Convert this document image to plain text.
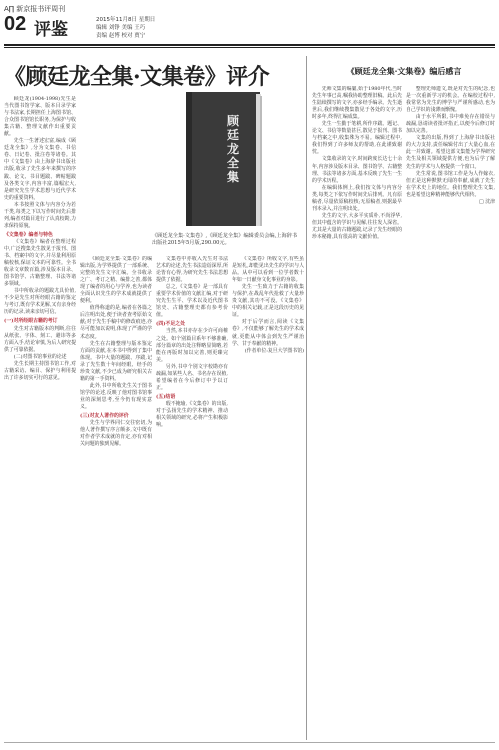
A∏ 新京报书评周刊
02 评鉴	2015年11月8日 星期日
编辑 刘铮 美编 王巧
责编 赵博 校对 贾宁
《顾廷龙全集·文集卷》评介

顾廷龙(1904-1998)先生是当代图书馆学家、版本目录学家与书法家,长期担任上海图书馆、合众图书馆馆长职务,为保护与收集古籍、整理文献作出重要贡献。

先生一生著述宏富,编成《顾廷龙全集》,分为文集卷、书信卷、日记卷、批注卷等诸卷。其中《文集卷》由上海辞书出版社出版,收录了先生多年来撰写的序跋、论文、书目题跋、碑帖题跋及各类文字,内容丰富,篇幅宏大,是研究先生学术思想与近代学术史的重要资料。

本书按照文体与内容分为若干类,每类之下以写作时间先后排列,编者对篇目进行了认真校勘,力求保持原貌。

《文集卷》编者与特色

《文集卷》编者在整理过程中,广泛搜集先生散见于报刊、图书、档案中的文字,并尽量利用原稿校核,保证文本的可靠性。全书收录文章数百篇,涉及版本目录、图书馆学、古籍整理、书法等诸多领域。

书中所收录的题跋尤具价值,不少是先生对所经眼古籍的鉴定与考订,既有学术见解,又有亲身经历的记录,读来亲切可信。

(一)对所经眼古籍的考订

先生对古籍版本的判断,往往从纸张、字体、刻工、避讳等多方面入手,结论审慎,为后人研究提供了可靠依据。

(二)对图书馆事业的论述

先生长期主持图书馆工作,对古籍采访、编目、保护与利用提出了许多切实可行的意见。

顾廷龙全集
《顾廷龙全集·文集卷》,《顾廷龙全集》编辑委员会编,上海辞书出版社2015年5月版,290.00元。

《顾廷龙全集·文集卷》的编辑出版,为学界提供了一部系统、完整的先生文字汇编。全书收录之广、考订之精、编排之善,都体现了编者的用心与学养,也为读者全面认识先生的学术成就提供了便利。

值得称道的是,编者在各篇之后注明出处,便于读者查考原始文献;对于先生手稿中的修改痕迹,亦尽可能加以说明,体现了严谨的学术态度。

先生在古籍整理与版本鉴定方面的贡献,在本书中得到了集中体现。书中大量的题跋、序跋,记录了先生数十年间经眼、经手的珍贵文献,不少已成为研究相关古籍的第一手资料。

此外,书中所收先生关于图书馆学的论述,反映了他对图书馆事业的深刻思考,至今仍有现实意义。

(三)对友人著作的评价

先生与学界同仁交往密切,为他人著作撰写序言颇多,文中既有对作者学术成就的肯定,亦有对相关问题的独到见解。

文集卷中亦收入先生对书法艺术的论述,先生书法造诣深厚,所论皆有心得,为研究先生书法思想提供了依据。

总之,《文集卷》是一部具有重要学术价值的文献汇编,对于研究先生生平、学术以及近代图书馆史、古籍整理史都有参考价值。

(四)不足之处

当然,本书亦存在少许可商榷之处。如个别篇目系年不够准确,部分篇章的出处注释略显简略,若能在再版时加以完善,则更臻完美。

另外,书中个别文字校勘亦有疏漏,如某些人名、书名存在误植,希望编者在今后修订中予以订正。

(五)结语

瑕不掩瑜,《文集卷》的出版,对于弘扬先生的学术精神、推动相关领域的研究,必将产生积极影响。

《文集卷》所收文字,有些虽是短札,却能见出先生的学识与人品。从中可以看到一位学者数十年如一日献身文化事业的身影。

先生一生致力于古籍的收集与保护,在战乱年代抢救了大量珍贵文献,其功不可没。《文集卷》中的相关记载,正是这段历史的见证。

对于后学而言,阅读《文集卷》,不仅能够了解先生的学术成就,更能从中体会到先生严谨治学、甘于奉献的精神。

(作者单位:复旦大学图书馆)

《顾廷龙全集·文集卷》编后感言

先师文集的编纂,始于1980年代,当时先生年事已高,嘱我协助整理旧稿。此后先生陆续撰写的文字,亦多经手编录。先生逝世后,我们继续搜集散见于各处的文字,历时多年,终得汇编成集。

先生一生勤于笔耕,所作序跋、题记、论文、书信等数量甚巨,散见于报刊、图书与档案之中,收集殊为不易。编辑过程中,我们得到了许多师友的帮助,在此谨致谢忱。

文集收录的文字,时间跨度长达七十余年,内容涉及版本目录、图书馆学、古籍整理、书法等诸多方面,基本反映了先生一生的学术历程。

在编辑体例上,我们按文体与内容分类,每类之下依写作时间先后排列。凡有原稿者,尽量依原稿校核;无原稿者,则据最早刊本录入,并注明出处。

先生的文字,大多平实质朴,不尚浮华,但其中蕴含的学识与见解,往往发人深省。尤其是大量的古籍题跋,记录了先生经眼的珍本秘籍,具有很高的文献价值。

整理先师遗文,既是对先生的纪念,也是一次重新学习的机会。在编校过程中,我常常为先生的博学与严谨所感动,也为自己学识的浅薄而惭愧。

由于水平所限,书中难免存在错误与疏漏,恳请读者批评指正,以便今后修订时加以完善。

文集的出版,得到了上海辞书出版社的大力支持,责任编辑付出了大量心血,在此一并致谢。希望这部文集能为学界研究先生及相关领域提供方便,也为后学了解先生的学术与人格提供一个窗口。

先生常说,图书馆工作是为人作嫁衣,但正是这种默默无闻的奉献,成就了先生在学术史上的地位。我们整理先生文集,也是希望这种精神能够代代相传。

□ 沈津
